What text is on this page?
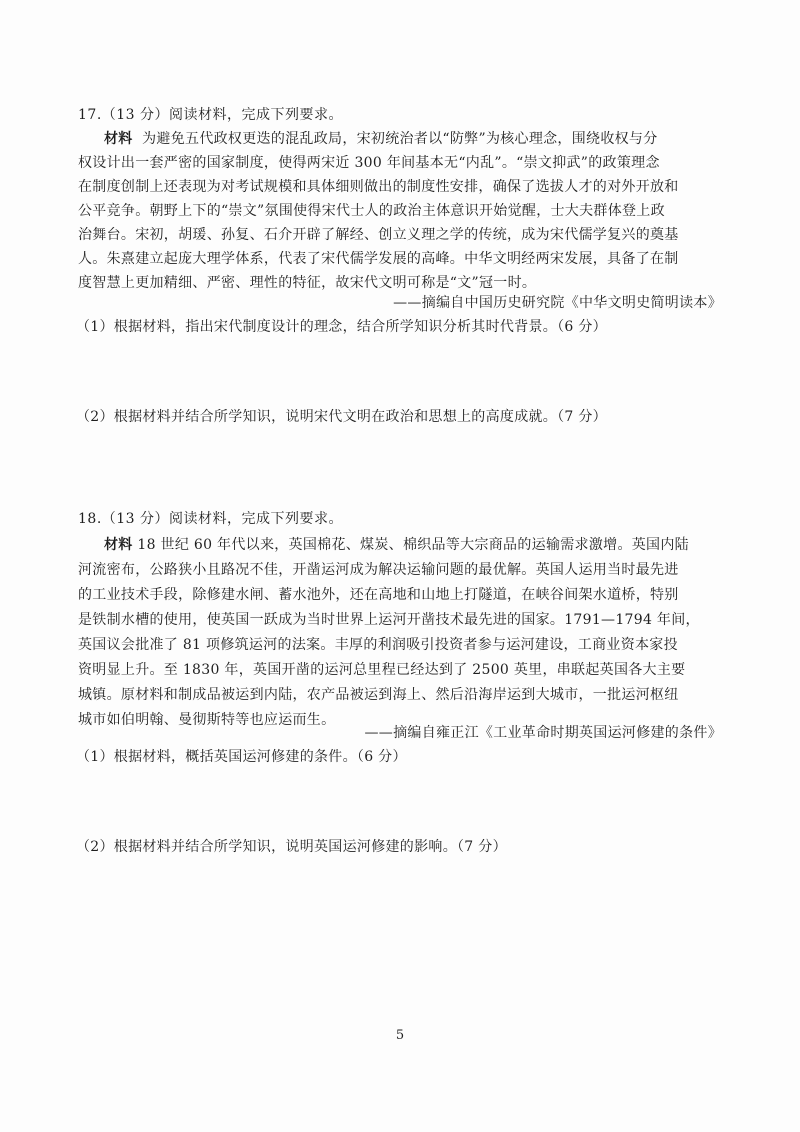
17.（13 分）阅读材料，完成下列要求。
材料 为避免五代政权更迭的混乱政局，宋初统治者以“防弊”为核心理念，围绕收权与分
权设计出一套严密的国家制度，使得两宋近 300 年间基本无“内乱”。“崇文抑武”的政策理念
在制度创制上还表现为对考试规模和具体细则做出的制度性安排，确保了选拔人才的对外开放和
公平竞争。朝野上下的“崇文”氛围使得宋代士人的政治主体意识开始觉醒，士大夫群体登上政
治舞台。宋初，胡瑗、孙复、石介开辟了解经、创立义理之学的传统，成为宋代儒学复兴的奠基
人。朱熹建立起庞大理学体系，代表了宋代儒学发展的高峰。中华文明经两宋发展，具备了在制
度智慧上更加精细、严密、理性的特征，故宋代文明可称是“文”冠一时。
——摘编自中国历史研究院《中华文明史简明读本》
（1）根据材料，指出宋代制度设计的理念，结合所学知识分析其时代背景。（6 分）
（2）根据材料并结合所学知识，说明宋代文明在政治和思想上的高度成就。（7 分）
18.（13 分）阅读材料，完成下列要求。
材料 18 世纪 60 年代以来，英国棉花、煤炭、棉织品等大宗商品的运输需求激增。英国内陆
河流密布，公路狭小且路况不佳，开凿运河成为解决运输问题的最优解。英国人运用当时最先进
的工业技术手段，除修建水闸、蓄水池外，还在高地和山地上打隧道，在峡谷间架水道桥，特别
是铁制水槽的使用，使英国一跃成为当时世界上运河开凿技术最先进的国家。1791—1794 年间，
英国议会批准了 81 项修筑运河的法案。丰厚的利润吸引投资者参与运河建设，工商业资本家投
资明显上升。至 1830 年，英国开凿的运河总里程已经达到了 2500 英里，串联起英国各大主要
城镇。原材料和制成品被运到内陆，农产品被运到海上、然后沿海岸运到大城市，一批运河枢纽
城市如伯明翰、曼彻斯特等也应运而生。
——摘编自雍正江《工业革命时期英国运河修建的条件》
（1）根据材料，概括英国运河修建的条件。（6 分）
（2）根据材料并结合所学知识，说明英国运河修建的影响。（7 分）
5
